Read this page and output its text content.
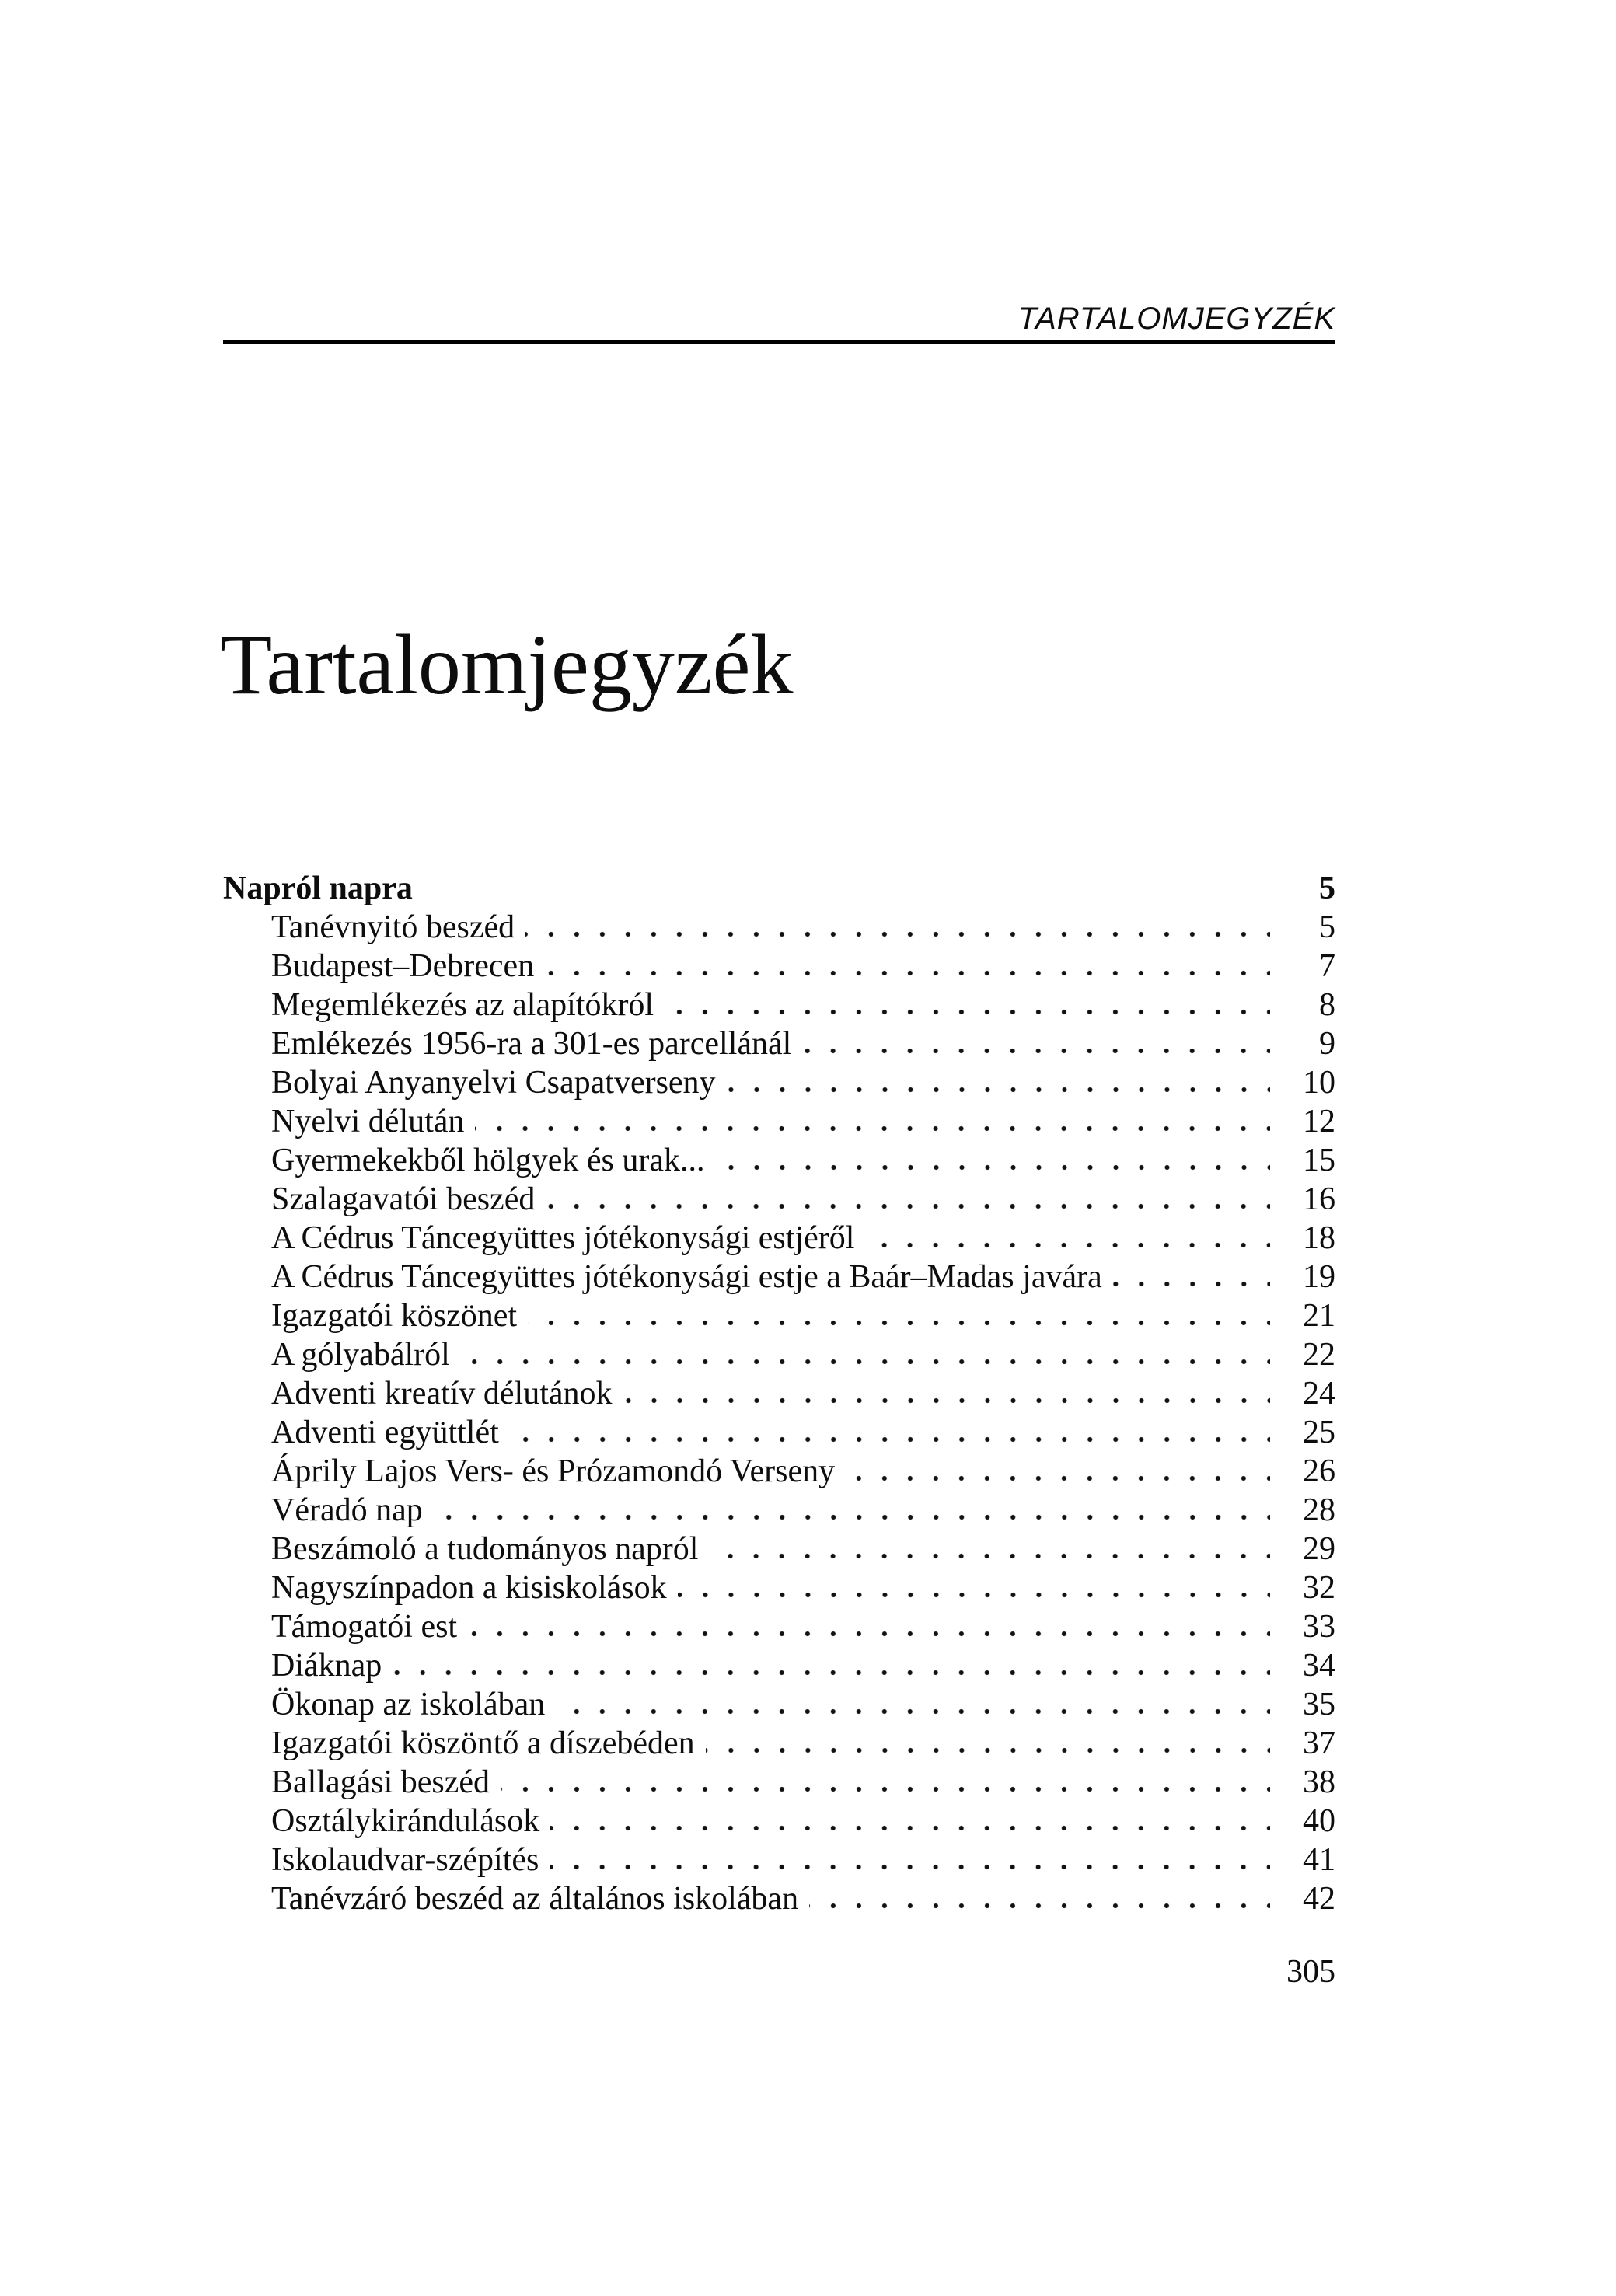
TARTALOMJEGYZÉK
Tartalomjegyzék
Napról napra	5
Tanévnyitó beszéd	5
Budapest–Debrecen	7
Megemlékezés az alapítókról	8
Emlékezés 1956-ra a 301-es parcellánál	9
Bolyai Anyanyelvi Csapatverseny	10
Nyelvi délután	12
Gyermekekből hölgyek és urak...	15
Szalagavatói beszéd	16
A Cédrus Táncegyüttes jótékonysági estjéről	18
A Cédrus Táncegyüttes jótékonysági estje a Baár–Madas javára	19
Igazgatói köszönet	21
A gólyabálról	22
Adventi kreatív délutánok	24
Adventi együttlét	25
Áprily Lajos Vers- és Prózamondó Verseny	26
Véradó nap	28
Beszámoló a tudományos napról	29
Nagyszínpadon a kisiskolások	32
Támogatói est	33
Diáknap	34
Ökonap az iskolában	35
Igazgatói köszöntő a díszebéden	37
Ballagási beszéd	38
Osztálykirándulások	40
Iskolaudvar-szépítés	41
Tanévzáró beszéd az általános iskolában	42
305
